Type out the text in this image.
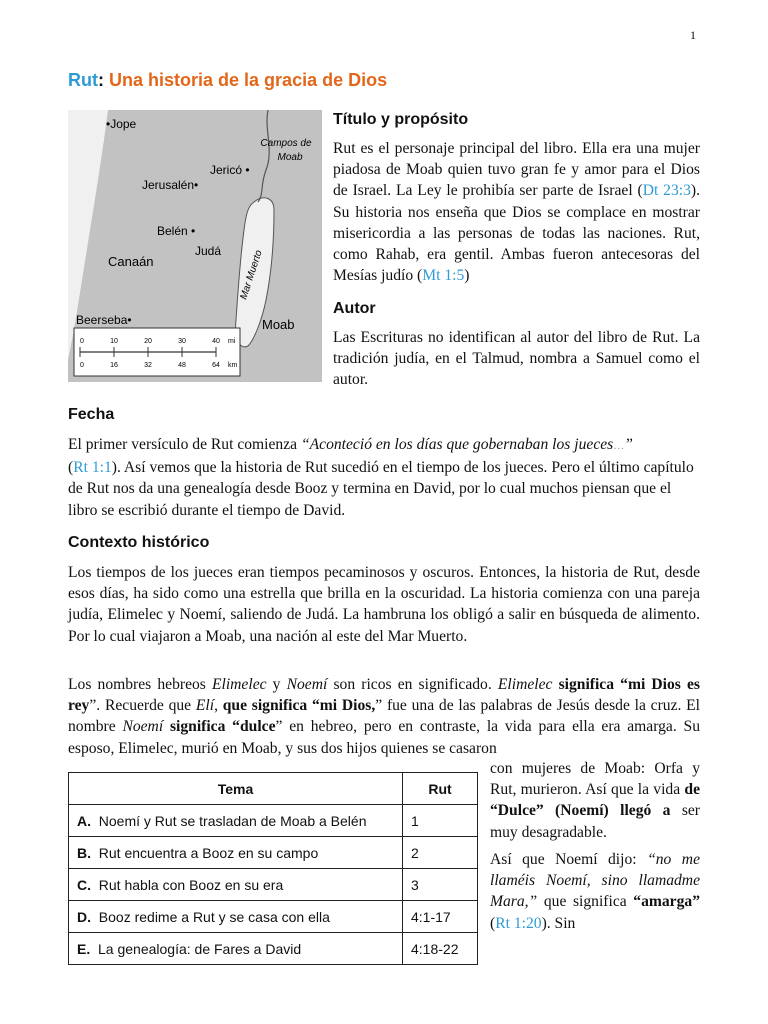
1
Rut: Una historia de la gracia de Dios
0
0
10
16
20
32
30
48
40
64
mi
km
•Jope
Jericó •
Jerusalén•
Belén •
Judá
Canaán
Beerseba•	Moab
Campos de
Moab
Mar Muerto
Título y propósito

Rut es el personaje principal del libro. Ella era una mujer piadosa de Moab quien tuvo gran fe y amor para el Dios de Israel. La Ley le prohibía ser parte de Israel (Dt 23:3). Su historia nos enseña que Dios se complace en mostrar misericordia a las personas de todas las naciones. Rut, como Rahab, era gentil. Ambas fueron antecesoras del Mesías judío (Mt 1:5)

Autor

Las Escrituras no identifican al autor del libro de Rut. La tradición judía, en el Talmud, nombra a Samuel como el autor.

Fecha

El primer versículo de Rut comienza “Aconteció en los días que gobernaban los jueces…”
(Rt 1:1). Así vemos que la historia de Rut sucedió en el tiempo de los jueces. Pero el último capítulo de Rut nos da una genealogía desde Booz y termina en David, por lo cual muchos piensan que el libro se escribió durante el tiempo de David.

Contexto histórico

Los tiempos de los jueces eran tiempos pecaminosos y oscuros. Entonces, la historia de Rut, desde esos días, ha sido como una estrella que brilla en la oscuridad. La historia comienza con una pareja judía, Elimelec y Noemí, saliendo de Judá. La hambruna los obligó a salir en búsqueda de alimento. Por lo cual viajaron a Moab, una nación al este del Mar Muerto.

Los nombres hebreos Elimelec y Noemí son ricos en significado. Elimelec significa “mi Dios es rey”. Recuerde que Elí, que significa “mi Dios,” fue una de las palabras de Jesús desde la cruz. El nombre Noemí significa “dulce” en hebreo, pero en contraste, la vida para ella era amarga. Su esposo, Elimelec, murió en Moab, y sus dos hijos quienes se casaron

con mujeres de Moab: Orfa y Rut, murieron. Así que la vida de “Dulce” (Noemí) llegó a ser muy desagradable.

Así que Noemí dijo: “no me llaméis Noemí, sino llamadme Mara,” que significa “amarga” (Rt 1:20). Sin

Tema	Rut
A. Noemí y Rut se trasladan de Moab a Belén	1
B. Rut encuentra a Booz en su campo	2
C. Rut habla con Booz en su era	3
D. Booz redime a Rut y se casa con ella	4:1-17
E. La genealogía: de Fares a David	4:18-22
